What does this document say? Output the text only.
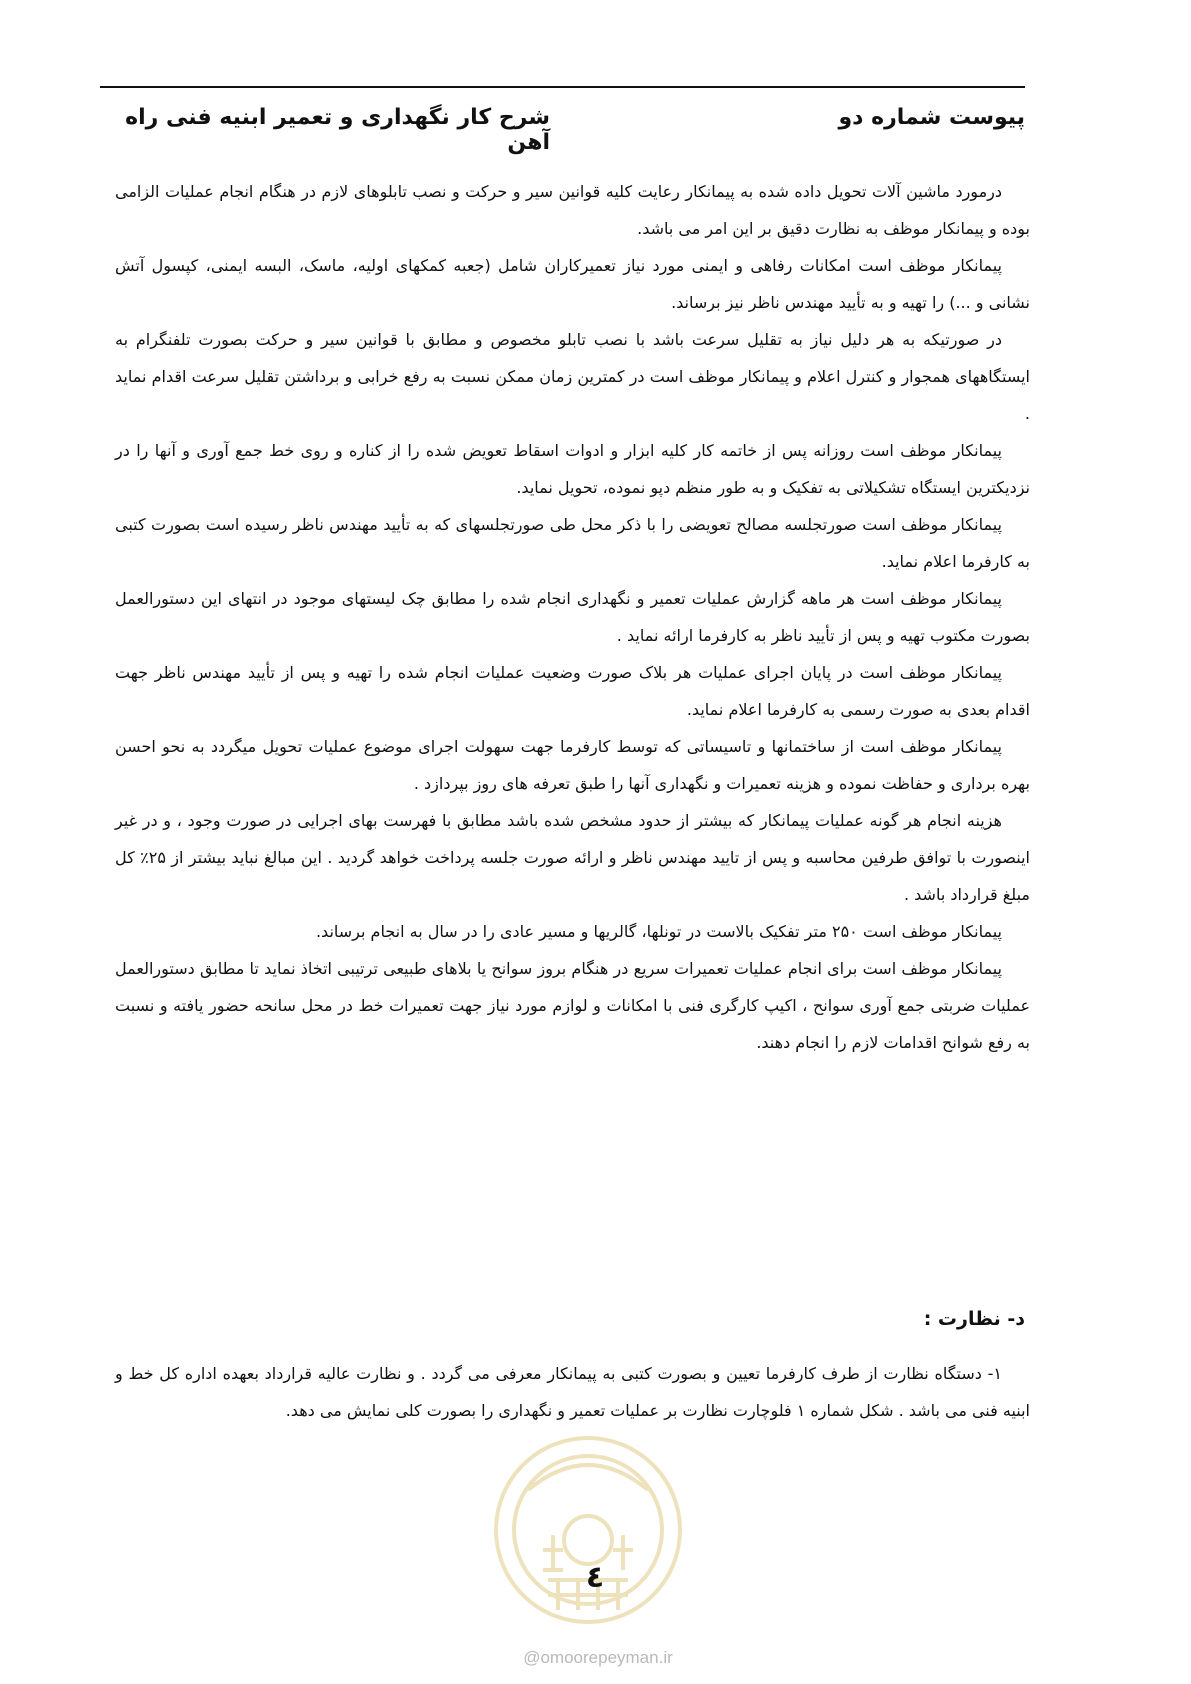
پیوست شماره دو
شرح کار نگهداری و تعمیر ابنیه فنی راه آهن

درمورد ماشین آلات تحویل داده شده به پیمانکار رعایت کلیه قوانین سیر و حرکت و نصب تابلوهای لازم در هنگام انجام عملیات الزامی بوده و پیمانکار موظف به نظارت دقیق بر این امر می باشد.

پیمانکار موظف است امکانات رفاهی و ایمنی مورد نیاز تعمیرکاران شامل (جعبه کمکهای اولیه، ماسک، البسه ایمنی، کپسول آتش نشانی و ...) را تهیه و به تأیید مهندس ناظر نیز برساند.

در صورتیکه به هر دلیل نیاز به تقلیل سرعت باشد با نصب تابلو مخصوص و مطابق با قوانین سیر و حرکت بصورت تلفنگرام به ایستگاههای همجوار و کنترل اعلام و پیمانکار موظف است در کمترین زمان ممکن نسبت به رفع خرابی و برداشتن تقلیل سرعت اقدام نماید .

پیمانکار موظف است روزانه پس از خاتمه کار کلیه ابزار و ادوات اسقاط تعویض شده را از کناره و روی خط جمع آوری و آنها را در نزدیکترین ایستگاه تشکیلاتی به تفکیک و به طور منظم دپو نموده، تحویل نماید.

پیمانکار موظف است صورتجلسه مصالح تعویضی را با ذکر محل طی صورتجلسهای که به تأیید مهندس ناظر رسیده است بصورت کتبی به کارفرما اعلام نماید.

پیمانکار موظف است هر ماهه گزارش عملیات تعمیر و نگهداری انجام شده را مطابق چک لیستهای موجود در انتهای این دستورالعمل بصورت مکتوب تهیه و پس از تأیید ناظر به کارفرما ارائه نماید .

پیمانکار موظف است در پایان اجرای عملیات هر بلاک صورت وضعیت عملیات انجام شده را تهیه و پس از تأیید مهندس ناظر جهت اقدام بعدی به صورت رسمی به کارفرما اعلام نماید.

پیمانکار موظف است از ساختمانها و تاسیساتی که توسط کارفرما جهت سهولت اجرای موضوع عملیات تحویل میگردد به نحو احسن بهره برداری و حفاظت نموده و هزینه تعمیرات و نگهداری آنها را طبق تعرفه های روز بپردازد .

هزینه انجام هر گونه عملیات پیمانکار که بیشتر از حدود مشخص شده باشد مطابق با فهرست بهای اجرایی در صورت وجود ، و در غیر اینصورت با توافق طرفین محاسبه و پس از تایید مهندس ناظر و ارائه صورت جلسه پرداخت خواهد گردید . این مبالغ نباید بیشتر از ۲۵٪ کل مبلغ قرارداد باشد .

پیمانکار موظف است ۲۵۰ متر تفکیک بالاست در تونلها، گالریها و مسیر عادی را در سال به انجام برساند.

پیمانکار موظف است برای انجام عملیات تعمیرات سریع در هنگام بروز سوانح یا بلاهای طبیعی ترتیبی اتخاذ نماید تا مطابق دستورالعمل عملیات ضربتی جمع آوری سوانح ، اکیپ کارگری فنی با امکانات و لوازم مورد نیاز جهت تعمیرات خط در محل سانحه حضور یافته و نسبت به رفع شوانح اقدامات لازم را انجام دهند.

د- نظارت :

۱- دستگاه نظارت از طرف کارفرما تعیین و بصورت کتبی به پیمانکار معرفی می گردد . و نظارت عالیه قرارداد بعهده اداره کل خط و ابنیه فنی می باشد . شکل شماره ۱ فلوچارت نظارت بر عملیات تعمیر و نگهداری را بصورت کلی نمایش می دهد.

٤
@omoorepeyman.ir
